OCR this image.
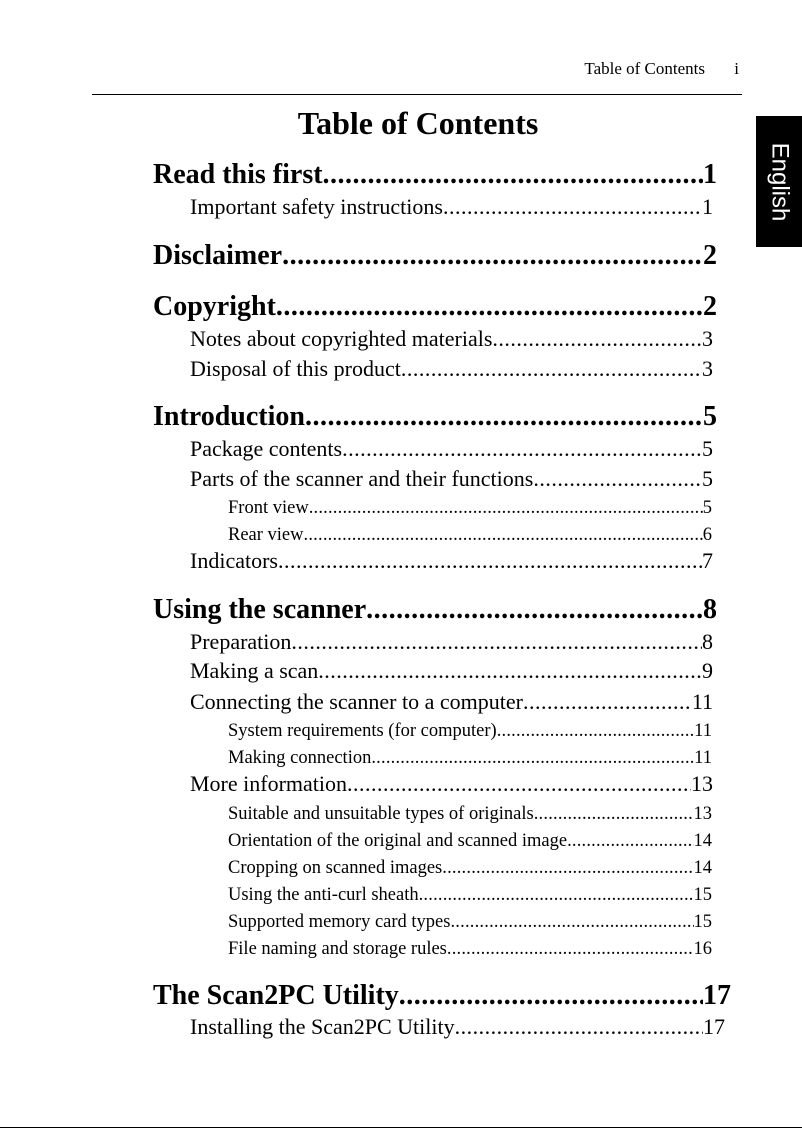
Table of Contents i
Table of Contents
English
Read this first .....	1
Important safety instructions .....	1
Disclaimer .....	2
Copyright .....	2
Notes about copyrighted materials .....	3
Disposal of this product .....	3
Introduction .....	5
Package contents .....	5
Parts of the scanner and their functions .....	5
Front view .....	5
Rear view .....	6
Indicators .....	7
Using the scanner .....	8
Preparation .....	8
Making a scan .....	9
Connecting the scanner to a computer .....	11
System requirements (for computer) .....	11
Making connection .....	11
More information .....	13
Suitable and unsuitable types of originals .....	13
Orientation of the original and scanned image .....	14
Cropping on scanned images .....	14
Using the anti-curl sheath .....	15
Supported memory card types .....	15
File naming and storage rules .....	16
The Scan2PC Utility .....	17
Installing the Scan2PC Utility .....	17
